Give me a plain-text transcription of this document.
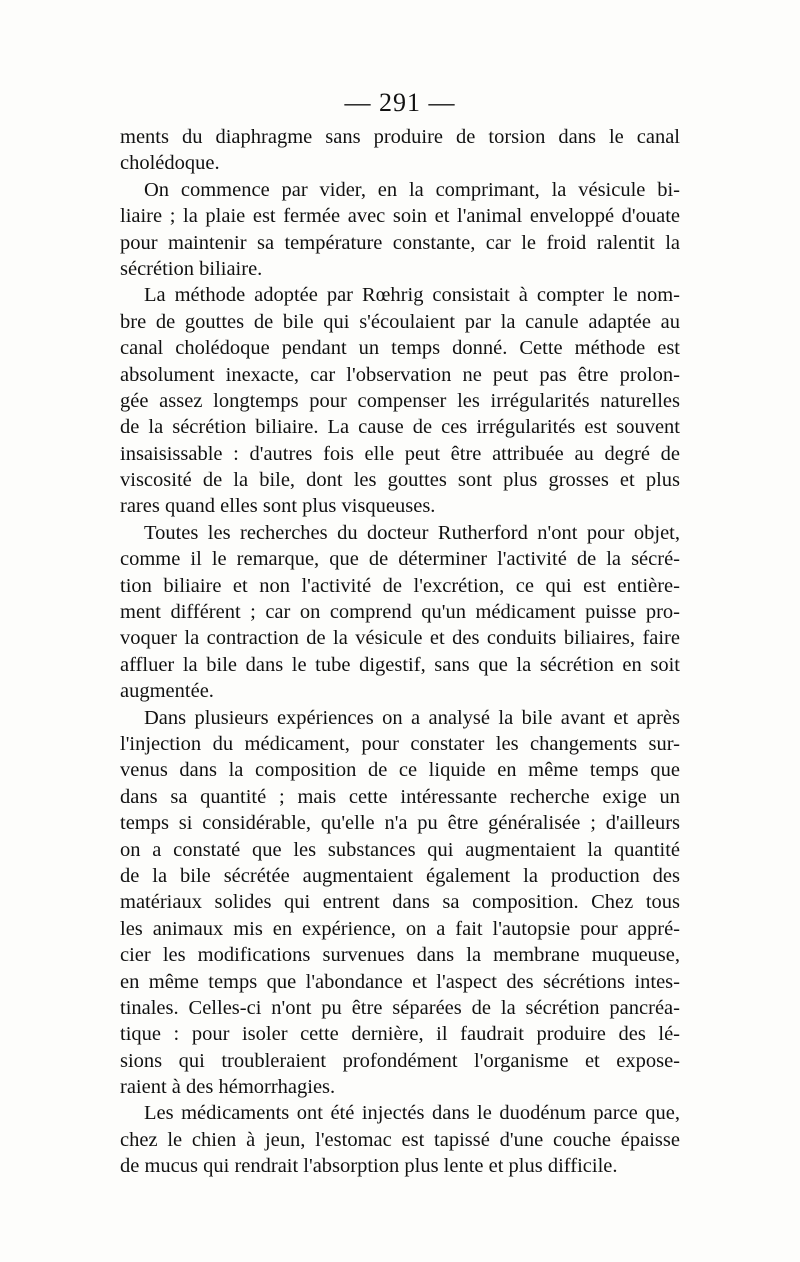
— 291 —
ments du diaphragme sans produire de torsion dans le canal
cholédoque.
On commence par vider, en la comprimant, la vésicule bi-
liaire ; la plaie est fermée avec soin et l'animal enveloppé d'ouate
pour maintenir sa température constante, car le froid ralentit la
sécrétion biliaire.
La méthode adoptée par Rœhrig consistait à compter le nom-
bre de gouttes de bile qui s'écoulaient par la canule adaptée au
canal cholédoque pendant un temps donné. Cette méthode est
absolument inexacte, car l'observation ne peut pas être prolon-
gée assez longtemps pour compenser les irrégularités naturelles
de la sécrétion biliaire. La cause de ces irrégularités est souvent
insaisissable : d'autres fois elle peut être attribuée au degré de
viscosité de la bile, dont les gouttes sont plus grosses et plus
rares quand elles sont plus visqueuses.
Toutes les recherches du docteur Rutherford n'ont pour objet,
comme il le remarque, que de déterminer l'activité de la sécré-
tion biliaire et non l'activité de l'excrétion, ce qui est entière-
ment différent ; car on comprend qu'un médicament puisse pro-
voquer la contraction de la vésicule et des conduits biliaires, faire
affluer la bile dans le tube digestif, sans que la sécrétion en soit
augmentée.
Dans plusieurs expériences on a analysé la bile avant et après
l'injection du médicament, pour constater les changements sur-
venus dans la composition de ce liquide en même temps que
dans sa quantité ; mais cette intéressante recherche exige un
temps si considérable, qu'elle n'a pu être généralisée ; d'ailleurs
on a constaté que les substances qui augmentaient la quantité
de la bile sécrétée augmentaient également la production des
matériaux solides qui entrent dans sa composition. Chez tous
les animaux mis en expérience, on a fait l'autopsie pour appré-
cier les modifications survenues dans la membrane muqueuse,
en même temps que l'abondance et l'aspect des sécrétions intes-
tinales. Celles-ci n'ont pu être séparées de la sécrétion pancréa-
tique : pour isoler cette dernière, il faudrait produire des lé-
sions qui troubleraient profondément l'organisme et expose-
raient à des hémorrhagies.
Les médicaments ont été injectés dans le duodénum parce que,
chez le chien à jeun, l'estomac est tapissé d'une couche épaisse
de mucus qui rendrait l'absorption plus lente et plus difficile.
